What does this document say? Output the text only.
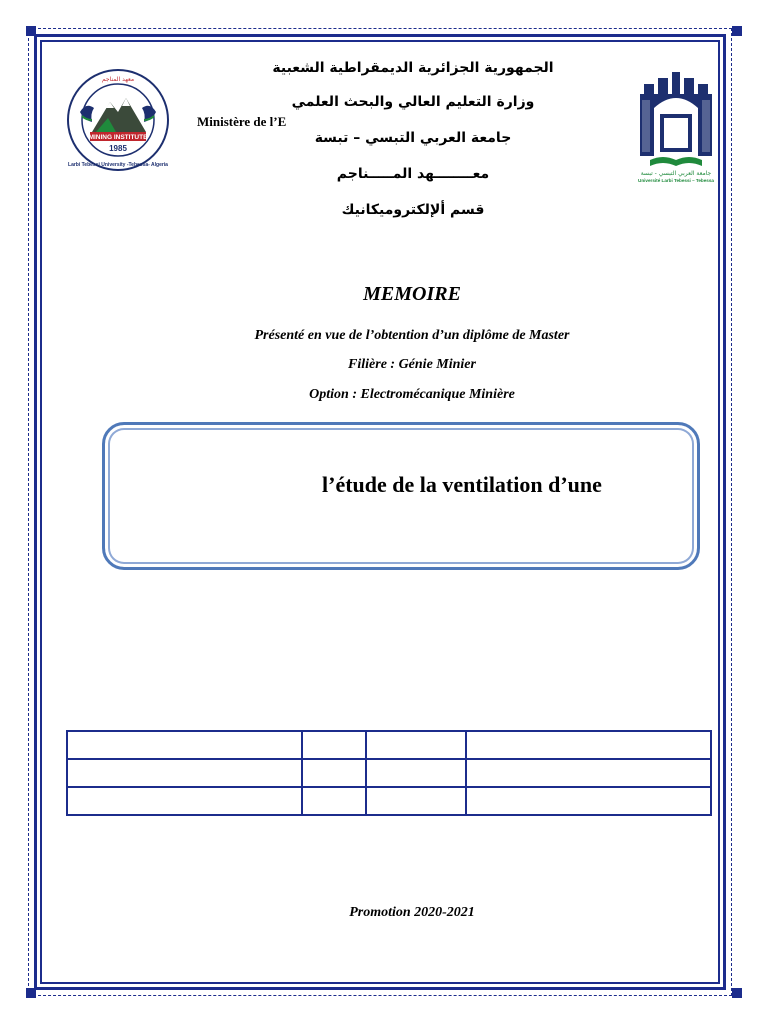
MINING INSTITUTE
1985
معهد المناجم
Larbi Tebessi University -Tebessa- Algeria
جامعة العربي التبسي - تبسة
Université Larbi Tebessi – Tebessa
Ministère de l’E
الجمهورية الجزائرية الديمقراطية الشعبية
وزارة التعليم العالي والبحث العلمي
جامعة العربي التبسي – تبسة
معــــــــهد المـــــناجم
قسم ألإلكتروميكانيك
MEMOIRE
Présenté en vue de l’obtention d’un diplôme de Master
Filière : Génie Minier
Option : Electromécanique Minière
l’étude de la ventilation d’une

Promotion 2020-2021
